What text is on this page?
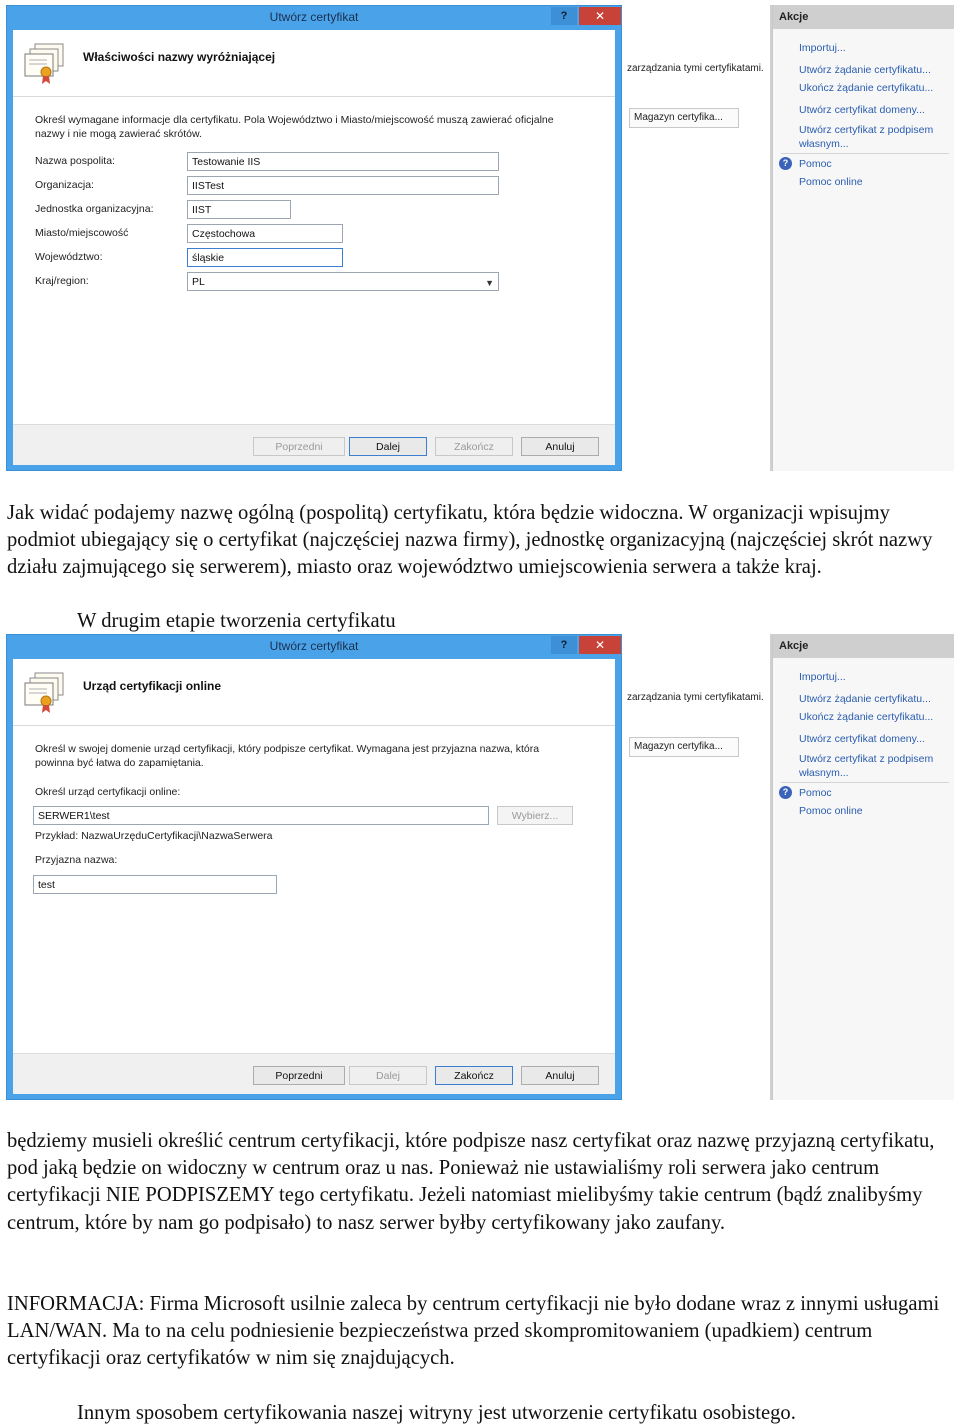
zarządzania tymi certyfikatami.
Magazyn certyfika...
Akcje
Importuj...
Utwórz żądanie certyfikatu...
Ukończ żądanie certyfikatu...
Utwórz certyfikat domeny...
Utwórz certyfikat z podpisem własnym...
?	Pomoc
Pomoc online
Utwórz certyfikat	?	✕
Właściwości nazwy wyróżniającej
Określ wymagane informacje dla certyfikatu. Pola Województwo i Miasto/miejscowość muszą zawierać oficjalne nazwy i nie mogą zawierać skrótów.
Nazwa pospolita:	Testowanie IIS
Organizacja:	IISTest
Jednostka organizacyjna:	IIST
Miasto/miejscowość	Częstochowa
Województwo:	śląskie
Kraj/region:	PL	▼
Poprzedni	Dalej	Zakończ	Anuluj
Jak widać podajemy nazwę ogólną (pospolitą) certyfikatu, która będzie widoczna. W organizacji wpisujmy podmiot ubiegający się o certyfikat (najczęściej nazwa firmy), jednostkę organizacyjną (najczęściej skrót nazwy działu zajmującego się serwerem), miasto oraz województwo umiejscowienia serwera a także kraj.
W drugim etapie tworzenia certyfikatu
zarządzania tymi certyfikatami.
Magazyn certyfika...
Akcje
Importuj...
Utwórz żądanie certyfikatu...
Ukończ żądanie certyfikatu...
Utwórz certyfikat domeny...
Utwórz certyfikat z podpisem własnym...
?	Pomoc
Pomoc online
Utwórz certyfikat	?	✕
Urząd certyfikacji online
Określ w swojej domenie urząd certyfikacji, który podpisze certyfikat. Wymagana jest przyjazna nazwa, która powinna być łatwa do zapamiętania.
Określ urząd certyfikacji online:
SERWER1\test	Wybierz...
Przykład: NazwaUrzęduCertyfikacji\NazwaSerwera
Przyjazna nazwa:
test
Poprzedni	Dalej	Zakończ	Anuluj
będziemy musieli określić centrum certyfikacji, które podpisze nasz certyfikat oraz nazwę przyjazną certyfikatu, pod jaką będzie on widoczny w centrum oraz u nas. Ponieważ nie ustawialiśmy roli serwera jako centrum certyfikacji NIE PODPISZEMY tego certyfikatu. Jeżeli natomiast mielibyśmy takie centrum (bądź znalibyśmy centrum, które by nam go podpisało) to nasz serwer byłby certyfikowany jako zaufany.
INFORMACJA: Firma Microsoft usilnie zaleca by centrum certyfikacji nie było dodane wraz z innymi usługami LAN/WAN. Ma to na celu podniesienie bezpieczeństwa przed skompromitowaniem (upadkiem) centrum certyfikacji oraz certyfikatów w nim się znajdujących.
Innym sposobem certyfikowania naszej witryny jest utworzenie certyfikatu osobistego.
